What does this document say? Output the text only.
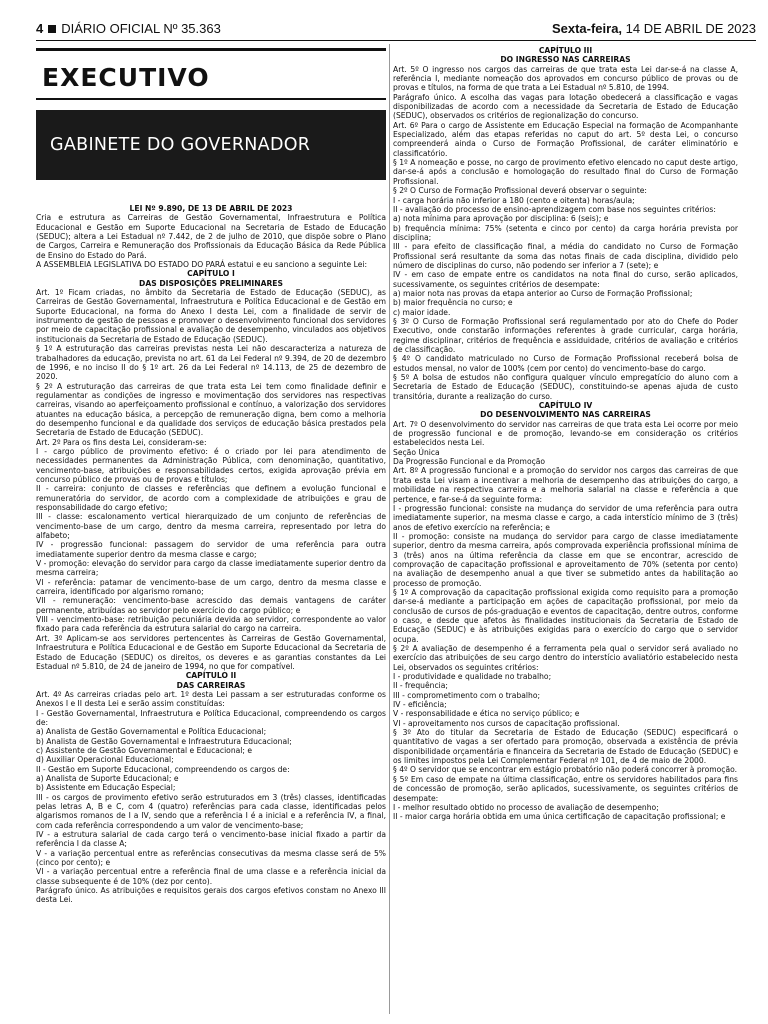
4 DIÁRIO OFICIAL Nº 35.363	Sexta-feira, 14 DE ABRIL DE 2023
EXECUTIVO
GABINETE DO GOVERNADOR

LEI Nº 9.890, DE 13 DE ABRIL DE 2023

Cria e estrutura as Carreiras de Gestão Governamental, Infraestrutura e Política Educacional e Gestão em Suporte Educacional na Secretaria de Estado de Educação (SEDUC); altera a Lei Estadual nº 7.442, de 2 de julho de 2010, que dispõe sobre o Plano de Cargos, Carreira e Remuneração dos Profissionais da Educação Básica da Rede Pública de Ensino do Estado do Pará.

A ASSEMBLEIA LEGISLATIVA DO ESTADO DO PARÁ estatui e eu sanciono a seguinte Lei:

CAPÍTULO I

DAS DISPOSIÇÕES PRELIMINARES

Art. 1º Ficam criadas, no âmbito da Secretaria de Estado de Educação (SEDUC), as Carreiras de Gestão Governamental, Infraestrutura e Política Educacional e de Gestão em Suporte Educacional, na forma do Anexo I desta Lei, com a finalidade de servir de instrumento de gestão de pessoas e promover o desenvolvimento funcional dos servidores por meio de capacitação profissional e avaliação de desempenho, vinculados aos objetivos institucionais da Secretaria de Estado de Educação (SEDUC).

§ 1º A estruturação das carreiras previstas nesta Lei não descaracteriza a natureza de trabalhadores da educação, prevista no art. 61 da Lei Federal nº 9.394, de 20 de dezembro de 1996, e no inciso II do § 1º art. 26 da Lei Federal nº 14.113, de 25 de dezembro de 2020.

§ 2º A estruturação das carreiras de que trata esta Lei tem como finalidade definir e regulamentar as condições de ingresso e movimentação dos servidores nas respectivas carreiras, visando ao aperfeiçoamento profissional e contínuo, a valorização dos servidores atuantes na educação básica, a percepção de remuneração digna, bem como a melhoria do desempenho funcional e da qualidade dos serviços de educação básica prestados pela Secretaria de Estado de Educação (SEDUC).

Art. 2º Para os fins desta Lei, consideram-se:

I - cargo público de provimento efetivo: é o criado por lei para atendimento de necessidades permanentes da Administração Pública, com denominação, quantitativo, vencimento-base, atribuições e responsabilidades certos, exigida aprovação prévia em concurso público de provas ou de provas e títulos;

II - carreira: conjunto de classes e referências que definem a evolução funcional e remuneratória do servidor, de acordo com a complexidade de atribuições e grau de responsabilidade do cargo efetivo;

III - classe: escalonamento vertical hierarquizado de um conjunto de referências de vencimento-base de um cargo, dentro da mesma carreira, representado por letra do alfabeto;

IV - progressão funcional: passagem do servidor de uma referência para outra imediatamente superior dentro da mesma classe e cargo;

V - promoção: elevação do servidor para cargo da classe imediatamente superior dentro da mesma carreira;

VI - referência: patamar de vencimento-base de um cargo, dentro da mesma classe e carreira, identificado por algarismo romano;

VII - remuneração: vencimento-base acrescido das demais vantagens de caráter permanente, atribuídas ao servidor pelo exercício do cargo público; e

VIII - vencimento-base: retribuição pecuniária devida ao servidor, correspondente ao valor fixado para cada referência da estrutura salarial do cargo na carreira.

Art. 3º Aplicam-se aos servidores pertencentes às Carreiras de Gestão Governamental, Infraestrutura e Política Educacional e de Gestão em Suporte Educacional da Secretaria de Estado de Educação (SEDUC) os direitos, os deveres e as garantias constantes da Lei Estadual nº 5.810, de 24 de janeiro de 1994, no que for compatível.

CAPÍTULO II

DAS CARREIRAS

Art. 4º As carreiras criadas pelo art. 1º desta Lei passam a ser estruturadas conforme os Anexos I e II desta Lei e serão assim constituídas:

I - Gestão Governamental, Infraestrutura e Política Educacional, compreendendo os cargos de:

a) Analista de Gestão Governamental e Política Educacional;

b) Analista de Gestão Governamental e Infraestrutura Educacional;

c) Assistente de Gestão Governamental e Educacional; e

d) Auxiliar Operacional Educacional;

II - Gestão em Suporte Educacional, compreendendo os cargos de:

a) Analista de Suporte Educacional; e

b) Assistente em Educação Especial;

III - os cargos de provimento efetivo serão estruturados em 3 (três) classes, identificadas pelas letras A, B e C, com 4 (quatro) referências para cada classe, identificadas pelos algarismos romanos de I a IV, sendo que a referência I é a inicial e a referência IV, a final, com cada referência correspondendo a um valor de vencimento-base;

IV - a estrutura salarial de cada cargo terá o vencimento-base inicial fixado a partir da referência I da classe A;

V - a variação percentual entre as referências consecutivas da mesma classe será de 5% (cinco por cento); e

VI - a variação percentual entre a referência final de uma classe e a referência inicial da classe subsequente é de 10% (dez por cento).

Parágrafo único. As atribuições e requisitos gerais dos cargos efetivos constam no Anexo III desta Lei.

CAPÍTULO III

DO INGRESSO NAS CARREIRAS

Art. 5º O ingresso nos cargos das carreiras de que trata esta Lei dar-se-á na classe A, referência I, mediante nomeação dos aprovados em concurso público de provas ou de provas e títulos, na forma de que trata a Lei Estadual nº 5.810, de 1994.

Parágrafo único. A escolha das vagas para lotação obedecerá a classificação e vagas disponibilizadas de acordo com a necessidade da Secretaria de Estado de Educação (SEDUC), observados os critérios de regionalização do concurso.

Art. 6º Para o cargo de Assistente em Educação Especial na formação de Acompanhante Especializado, além das etapas referidas no caput do art. 5º desta Lei, o concurso compreenderá ainda o Curso de Formação Profissional, de caráter eliminatório e classificatório.

§ 1º A nomeação e posse, no cargo de provimento efetivo elencado no caput deste artigo, dar-se-á após a conclusão e homologação do resultado final do Curso de Formação Profissional.

§ 2º O Curso de Formação Profissional deverá observar o seguinte:

I - carga horária não inferior a 180 (cento e oitenta) horas/aula;

II - avaliação do processo de ensino-aprendizagem com base nos seguintes critérios:

a) nota mínima para aprovação por disciplina: 6 (seis); e

b) frequência mínima: 75% (setenta e cinco por cento) da carga horária prevista por disciplina;

III - para efeito de classificação final, a média do candidato no Curso de Formação Profissional será resultante da soma das notas finais de cada disciplina, dividido pelo número de disciplinas do curso, não podendo ser inferior a 7 (sete); e

IV - em caso de empate entre os candidatos na nota final do curso, serão aplicados, sucessivamente, os seguintes critérios de desempate:

a) maior nota nas provas da etapa anterior ao Curso de Formação Profissional;

b) maior frequência no curso; e

c) maior idade.

§ 3º O Curso de Formação Profissional será regulamentado por ato do Chefe do Poder Executivo, onde constarão informações referentes à grade curricular, carga horária, regime disciplinar, critérios de frequência e assiduidade, critérios de avaliação e critérios de classificação.

§ 4º O candidato matriculado no Curso de Formação Profissional receberá bolsa de estudos mensal, no valor de 100% (cem por cento) do vencimento-base do cargo.

§ 5º A bolsa de estudos não configura qualquer vínculo empregatício do aluno com a Secretaria de Estado de Educação (SEDUC), constituindo-se apenas ajuda de custo transitória, durante a realização do curso.

CAPÍTULO IV

DO DESENVOLVIMENTO NAS CARREIRAS

Art. 7º O desenvolvimento do servidor nas carreiras de que trata esta Lei ocorre por meio de progressão funcional e de promoção, levando-se em consideração os critérios estabelecidos nesta Lei.

Seção Única

Da Progressão Funcional e da Promoção

Art. 8º A progressão funcional e a promoção do servidor nos cargos das carreiras de que trata esta Lei visam a incentivar a melhoria de desempenho das atribuições do cargo, a mobilidade na respectiva carreira e a melhoria salarial na classe e referência a que pertence, e far-se-á da seguinte forma:

I - progressão funcional: consiste na mudança do servidor de uma referência para outra imediatamente superior, na mesma classe e cargo, a cada interstício mínimo de 3 (três) anos de efetivo exercício na referência; e

II - promoção: consiste na mudança do servidor para cargo de classe imediatamente superior, dentro da mesma carreira, após comprovada experiência profissional mínima de 3 (três) anos na última referência da classe em que se encontrar, acrescido de comprovação de capacitação profissional e aproveitamento de 70% (setenta por cento) na avaliação de desempenho anual a que tiver se submetido antes da habilitação ao processo de promoção.

§ 1º A comprovação da capacitação profissional exigida como requisito para a promoção dar-se-á mediante a participação em ações de capacitação profissional, por meio da conclusão de cursos de pós-graduação e eventos de capacitação, dentre outros, conforme o caso, e desde que afetos às finalidades institucionais da Secretaria de Estado de Educação (SEDUC) e às atribuições exigidas para o exercício do cargo que o servidor ocupa.

§ 2º A avaliação de desempenho é a ferramenta pela qual o servidor será avaliado no exercício das atribuições de seu cargo dentro do interstício avaliatório estabelecido nesta Lei, observados os seguintes critérios:

I - produtividade e qualidade no trabalho;

II - frequência;

III - comprometimento com o trabalho;

IV - eficiência;

V - responsabilidade e ética no serviço público; e

VI - aproveitamento nos cursos de capacitação profissional.

§ 3º Ato do titular da Secretaria de Estado de Educação (SEDUC) especificará o quantitativo de vagas a ser ofertado para promoção, observada a existência de prévia disponibilidade orçamentária e financeira da Secretaria de Estado de Educação (SEDUC) e os limites impostos pela Lei Complementar Federal nº 101, de 4 de maio de 2000.

§ 4º O servidor que se encontrar em estágio probatório não poderá concorrer à promoção.

§ 5º Em caso de empate na última classificação, entre os servidores habilitados para fins de concessão de promoção, serão aplicados, sucessivamente, os seguintes critérios de desempate:

I - melhor resultado obtido no processo de avaliação de desempenho;

II - maior carga horária obtida em uma única certificação de capacitação profissional; e
